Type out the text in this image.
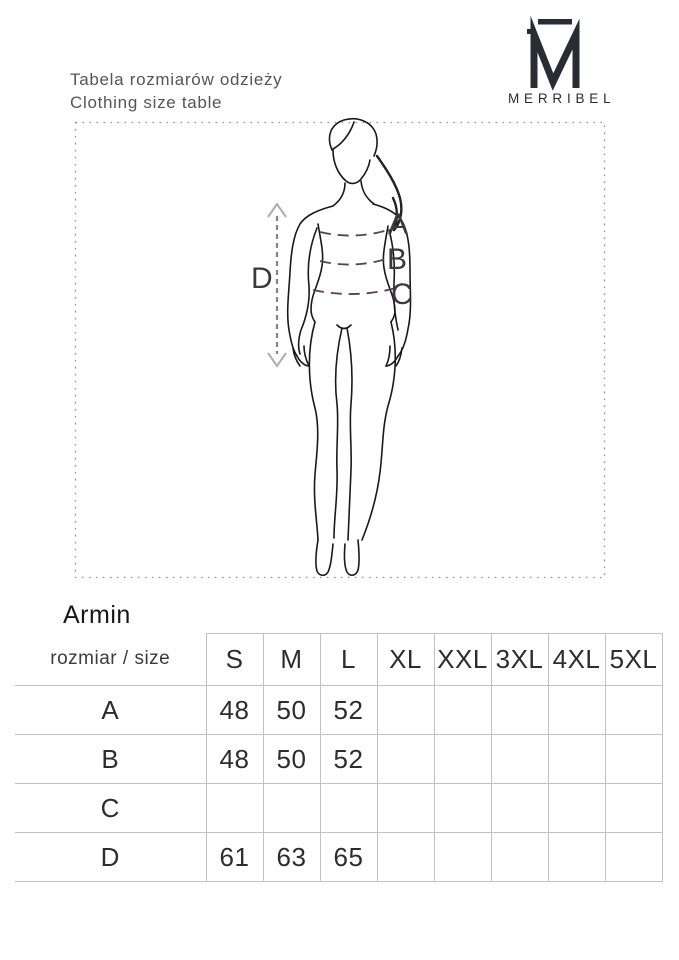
Tabela rozmiarów odzieży
Clothing size table	MERRIBEL
A
B
C
D
Armin
rozmiar / size	S	M	L	XL	XXL	3XL	4XL	5XL
A	48	50	52					
B	48	50	52					
C								
D	61	63	65					
